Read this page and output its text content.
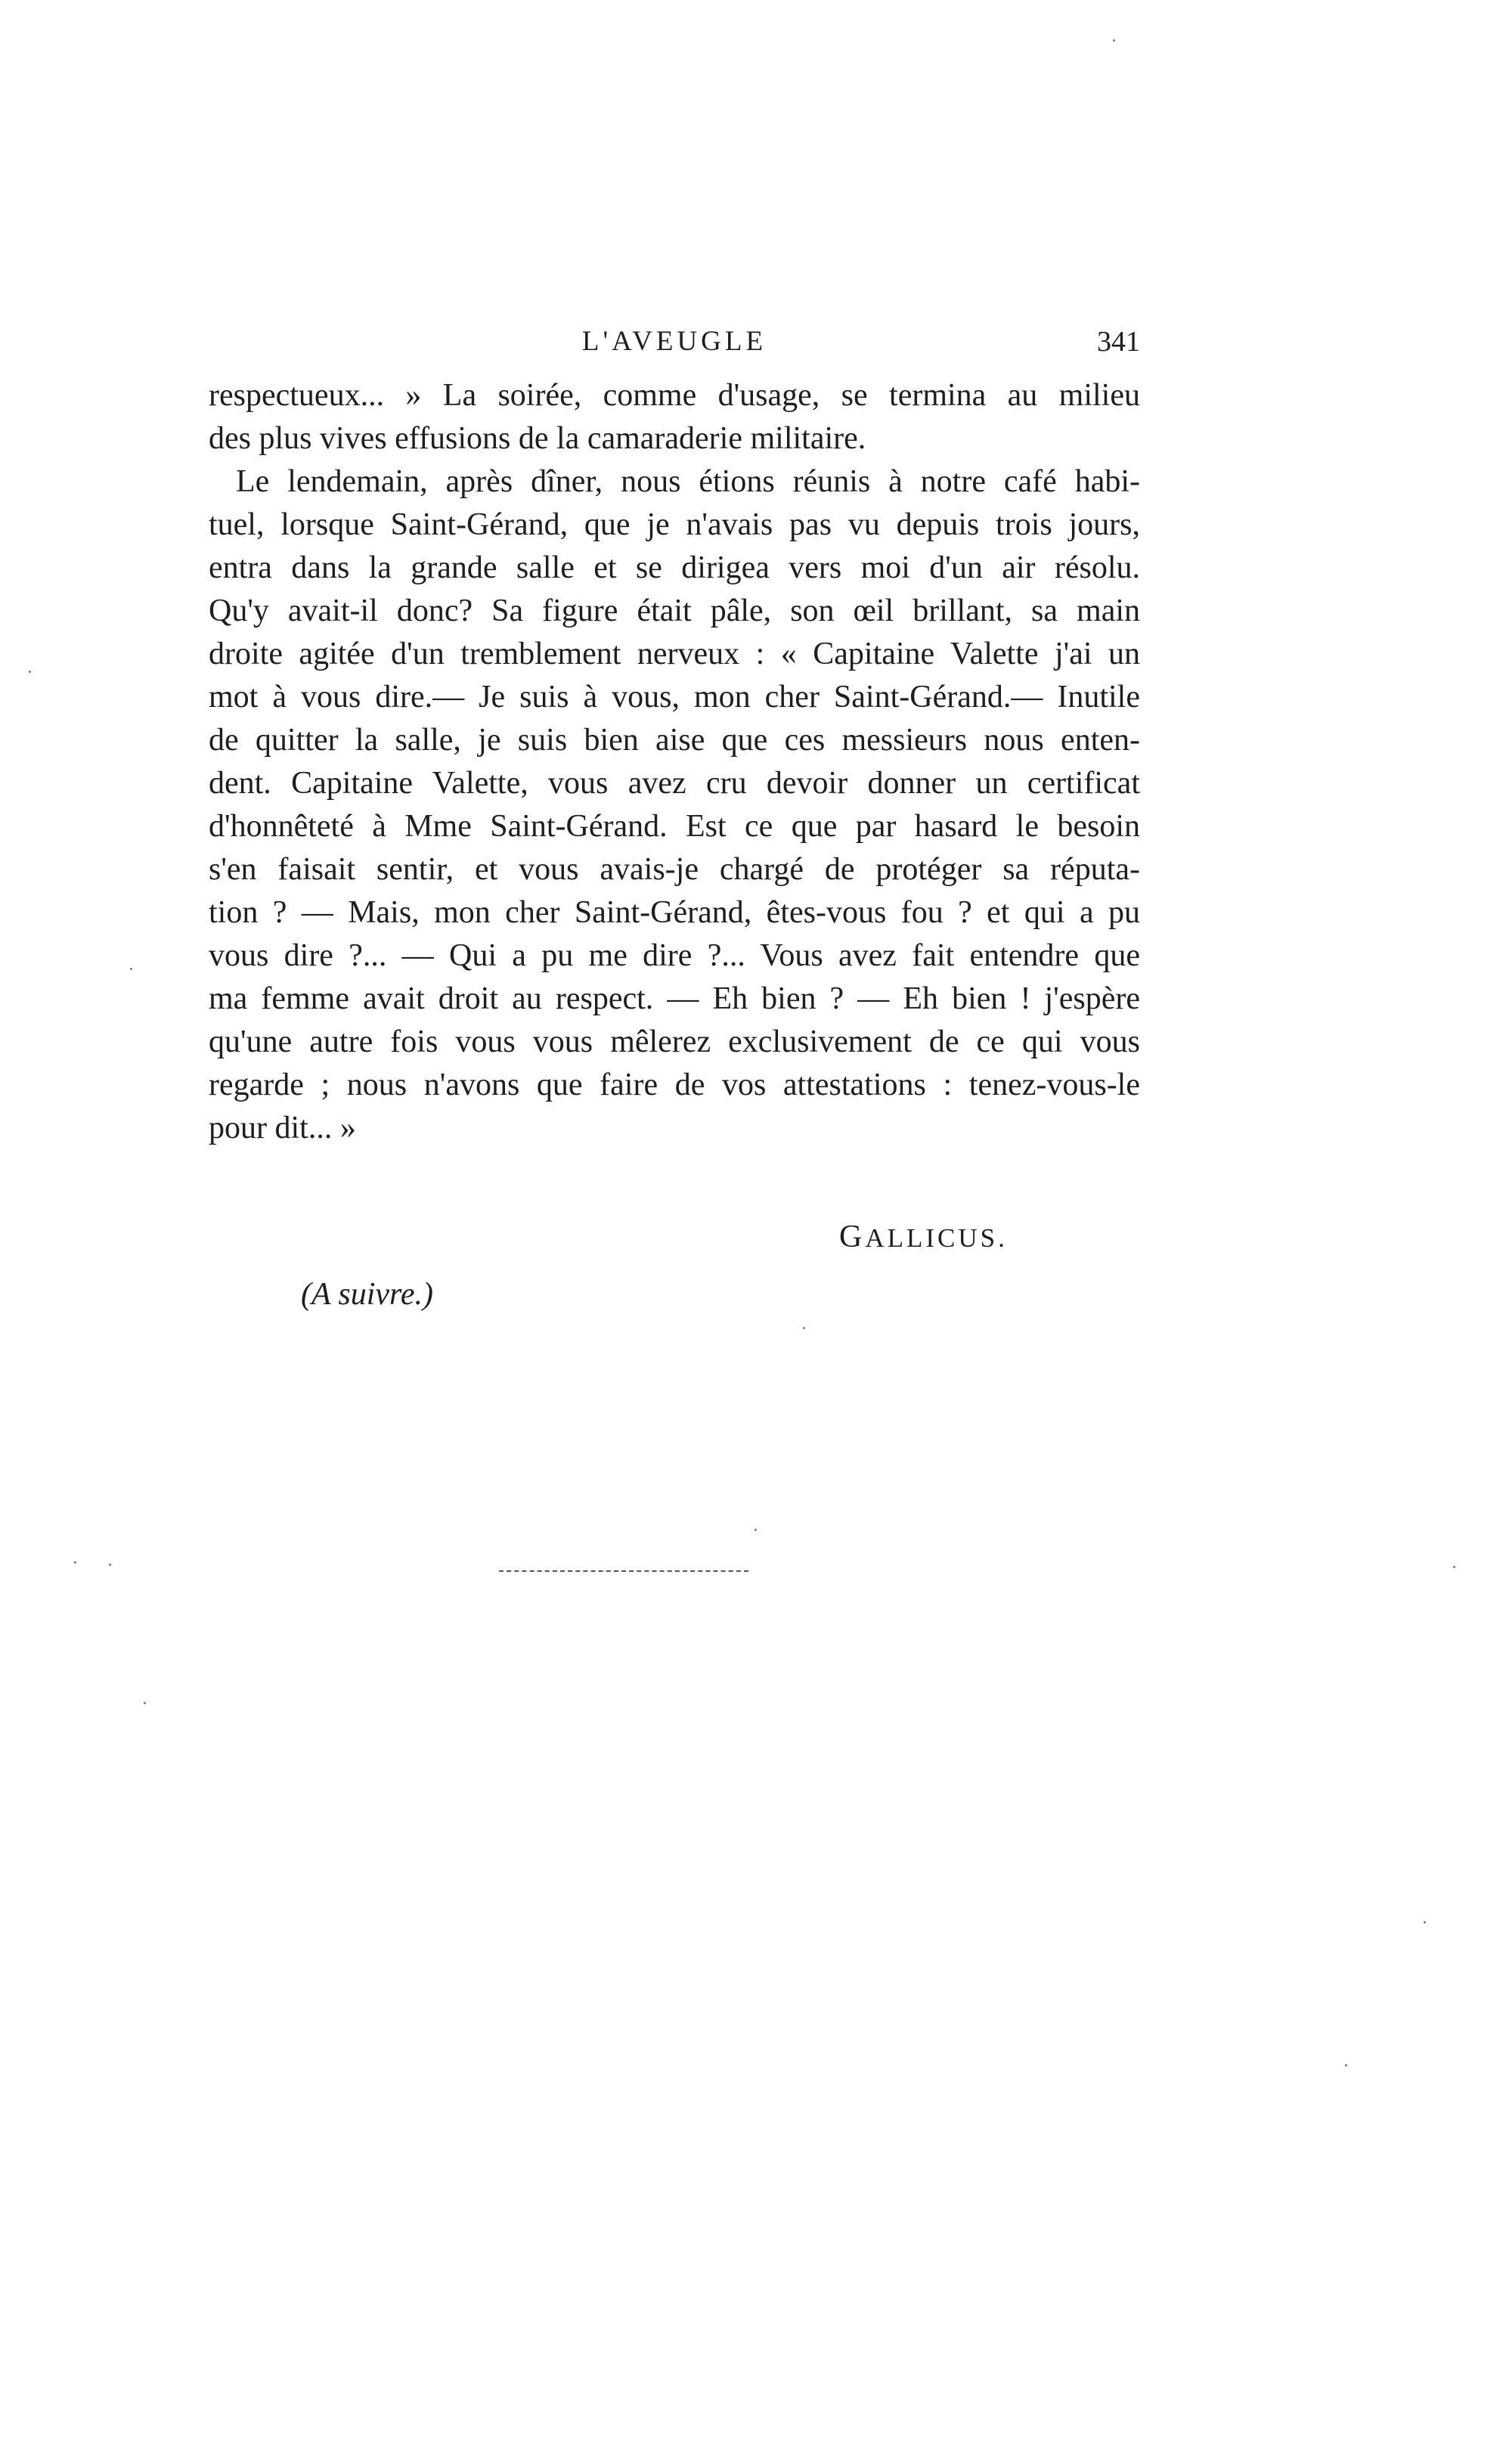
L'AVEUGLE	341
respectueux... » La soirée, comme d'usage, se termina au milieu
des plus vives effusions de la camaraderie militaire.
Le lendemain, après dîner, nous étions réunis à notre café habi-
tuel, lorsque Saint-Gérand, que je n'avais pas vu depuis trois jours,
entra dans la grande salle et se dirigea vers moi d'un air résolu.
Qu'y avait-il donc? Sa figure était pâle, son œil brillant, sa main
droite agitée d'un tremblement nerveux : « Capitaine Valette j'ai un
mot à vous dire.— Je suis à vous, mon cher Saint-Gérand.— Inutile
de quitter la salle, je suis bien aise que ces messieurs nous enten-
dent. Capitaine Valette, vous avez cru devoir donner un certificat
d'honnêteté à Mme Saint-Gérand. Est ce que par hasard le besoin
s'en faisait sentir, et vous avais-je chargé de protéger sa réputa-
tion ? — Mais, mon cher Saint-Gérand, êtes-vous fou ? et qui a pu
vous dire ?... — Qui a pu me dire ?... Vous avez fait entendre que
ma femme avait droit au respect. — Eh bien ? — Eh bien ! j'espère
qu'une autre fois vous vous mêlerez exclusivement de ce qui vous
regarde ; nous n'avons que faire de vos attestations : tenez-vous-le
pour dit... »
GALLICUS.
(A suivre.)
